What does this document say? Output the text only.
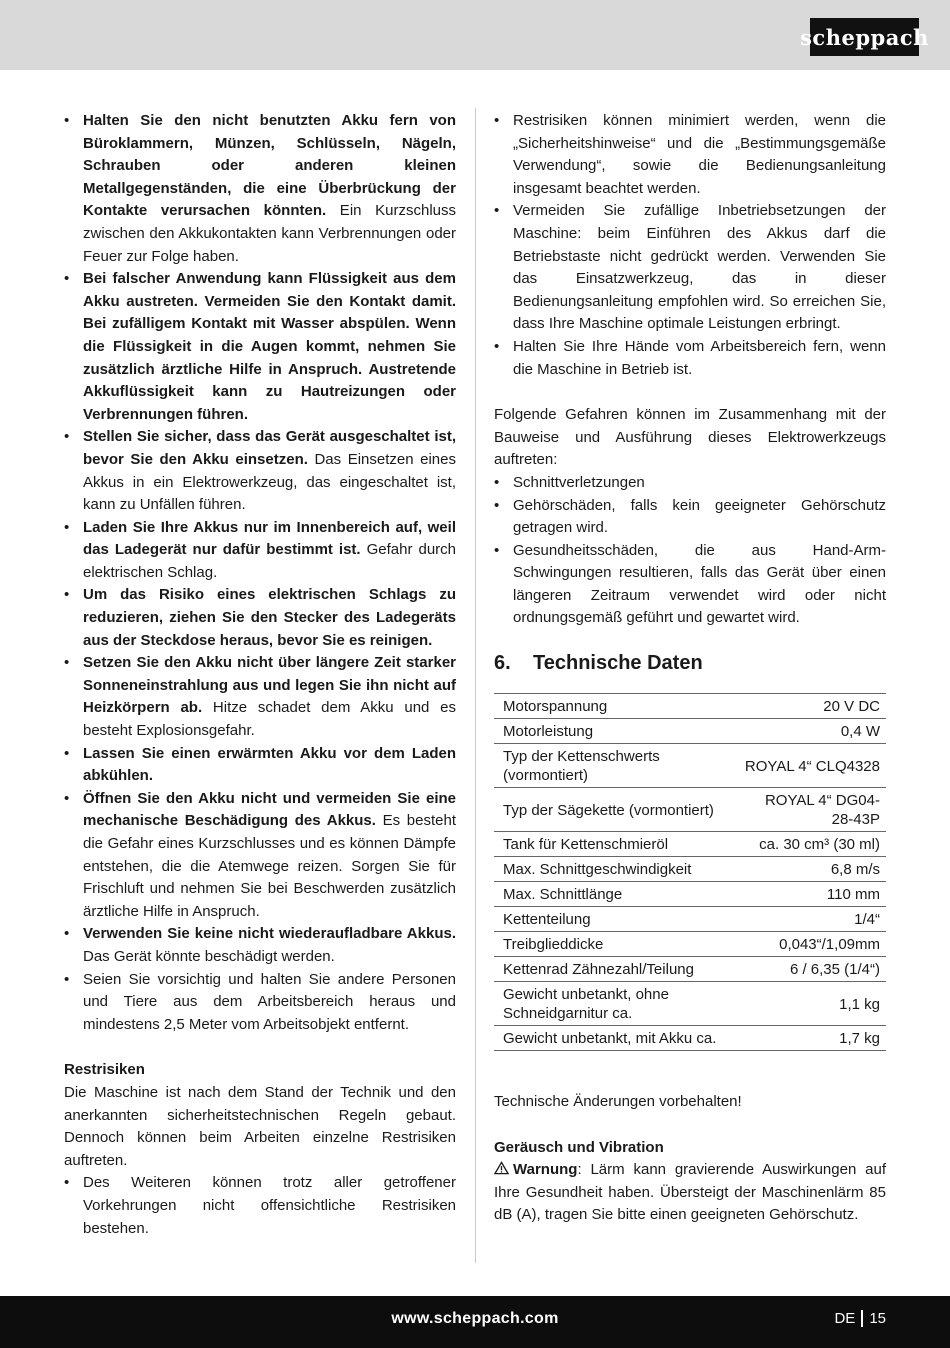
scheppach
• Halten Sie den nicht benutzten Akku fern von Büroklammern, Münzen, Schlüsseln, Nägeln, Schrauben oder anderen kleinen Metallgegenständen, die eine Überbrückung der Kontakte verursachen könnten. Ein Kurzschluss zwischen den Akkukontakten kann Verbrennungen oder Feuer zur Folge haben.
• Bei falscher Anwendung kann Flüssigkeit aus dem Akku austreten. Vermeiden Sie den Kontakt damit. Bei zufälligem Kontakt mit Wasser abspülen. Wenn die Flüssigkeit in die Augen kommt, nehmen Sie zusätzlich ärztliche Hilfe in Anspruch. Austretende Akkuflüssigkeit kann zu Hautreizungen oder Verbrennungen führen.
• Stellen Sie sicher, dass das Gerät ausgeschaltet ist, bevor Sie den Akku einsetzen. Das Einsetzen eines Akkus in ein Elektrowerkzeug, das eingeschaltet ist, kann zu Unfällen führen.
• Laden Sie Ihre Akkus nur im Innenbereich auf, weil das Ladegerät nur dafür bestimmt ist. Gefahr durch elektrischen Schlag.
• Um das Risiko eines elektrischen Schlags zu reduzieren, ziehen Sie den Stecker des Ladegeräts aus der Steckdose heraus, bevor Sie es reinigen.
• Setzen Sie den Akku nicht über längere Zeit starker Sonneneinstrahlung aus und legen Sie ihn nicht auf Heizkörpern ab. Hitze schadet dem Akku und es besteht Explosionsgefahr.
• Lassen Sie einen erwärmten Akku vor dem Laden abkühlen.
• Öffnen Sie den Akku nicht und vermeiden Sie eine mechanische Beschädigung des Akkus. Es besteht die Gefahr eines Kurzschlusses und es können Dämpfe entstehen, die die Atemwege reizen. Sorgen Sie für Frischluft und nehmen Sie bei Beschwerden zusätzlich ärztliche Hilfe in Anspruch.
• Verwenden Sie keine nicht wiederaufladbare Akkus. Das Gerät könnte beschädigt werden.
• Seien Sie vorsichtig und halten Sie andere Personen und Tiere aus dem Arbeitsbereich heraus und mindestens 2,5 Meter vom Arbeitsobjekt entfernt.
Restrisiken
Die Maschine ist nach dem Stand der Technik und den anerkannten sicherheitstechnischen Regeln gebaut. Dennoch können beim Arbeiten einzelne Restrisiken auftreten.
• Des Weiteren können trotz aller getroffener Vorkehrungen nicht offensichtliche Restrisiken bestehen.
• Restrisiken können minimiert werden, wenn die „Sicherheitshinweise“ und die „Bestimmungsgemäße Verwendung“, sowie die Bedienungsanleitung insgesamt beachtet werden.
• Vermeiden Sie zufällige Inbetriebsetzungen der Maschine: beim Einführen des Akkus darf die Betriebstaste nicht gedrückt werden. Verwenden Sie das Einsatzwerkzeug, das in dieser Bedienungsanleitung empfohlen wird. So erreichen Sie, dass Ihre Maschine optimale Leistungen erbringt.
• Halten Sie Ihre Hände vom Arbeitsbereich fern, wenn die Maschine in Betrieb ist.
Folgende Gefahren können im Zusammenhang mit der Bauweise und Ausführung dieses Elektrowerkzeugs auftreten:
• Schnittverletzungen
• Gehörschäden, falls kein geeigneter Gehörschutz getragen wird.
• Gesundheitsschäden, die aus Hand-Arm-Schwingungen resultieren, falls das Gerät über einen längeren Zeitraum verwendet wird oder nicht ordnungsgemäß geführt und gewartet wird.
6.	Technische Daten
Motorspannung	20 V DC
Motorleistung	0,4 W
Typ der Kettenschwerts (vormontiert)	ROYAL 4“ CLQ4328
Typ der Sägekette (vormontiert)	ROYAL 4“ DG04-28-43P
Tank für Kettenschmieröl	ca. 30 cm³ (30 ml)
Max. Schnittgeschwindigkeit	6,8 m/s
Max. Schnittlänge	110 mm
Kettenteilung	1/4“
Treibglieddicke	0,043“/1,09mm
Kettenrad Zähnezahl/Teilung	6 / 6,35 (1/4“)
Gewicht unbetankt, ohne Schneidgarnitur ca.	1,1 kg
Gewicht unbetankt, mit Akku ca.	1,7 kg
Technische Änderungen vorbehalten!
Geräusch und Vibration
Warnung: Lärm kann gravierende Auswirkungen auf Ihre Gesundheit haben. Übersteigt der Maschinenlärm 85 dB (A), tragen Sie bitte einen geeigneten Gehörschutz.
www.scheppach.com	DE 15
